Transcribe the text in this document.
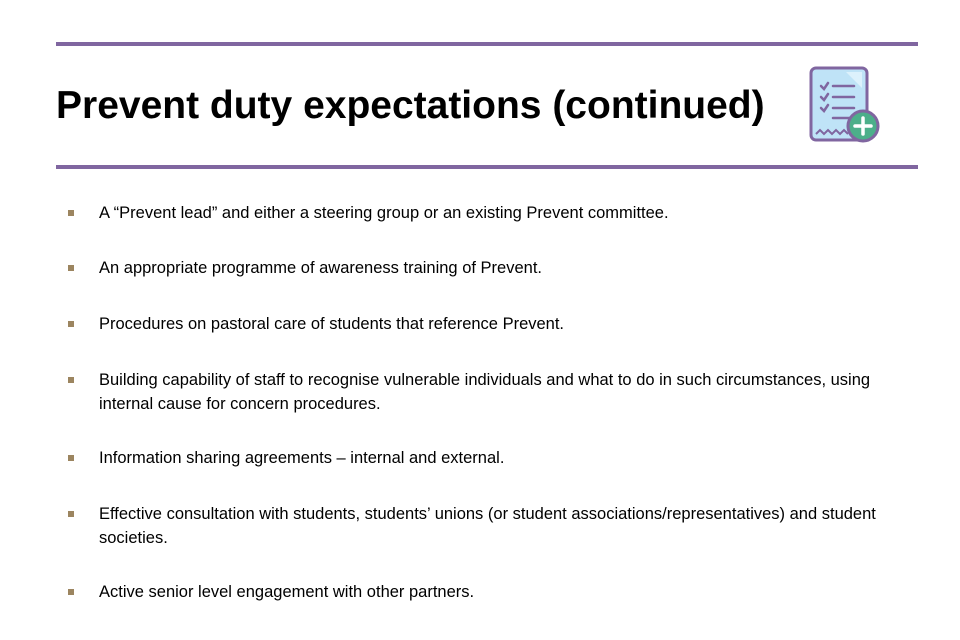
Prevent duty expectations (continued)
A “Prevent lead” and either a steering group or an existing Prevent committee.
An appropriate programme of awareness training of Prevent.
Procedures on pastoral care of students that reference Prevent.
Building capability of staff to recognise vulnerable individuals and what to do in such circumstances, using internal cause for concern procedures.
Information sharing agreements – internal and external.
Effective consultation with students, students’ unions (or student associations/representatives) and student societies.
Active senior level engagement with other partners.
